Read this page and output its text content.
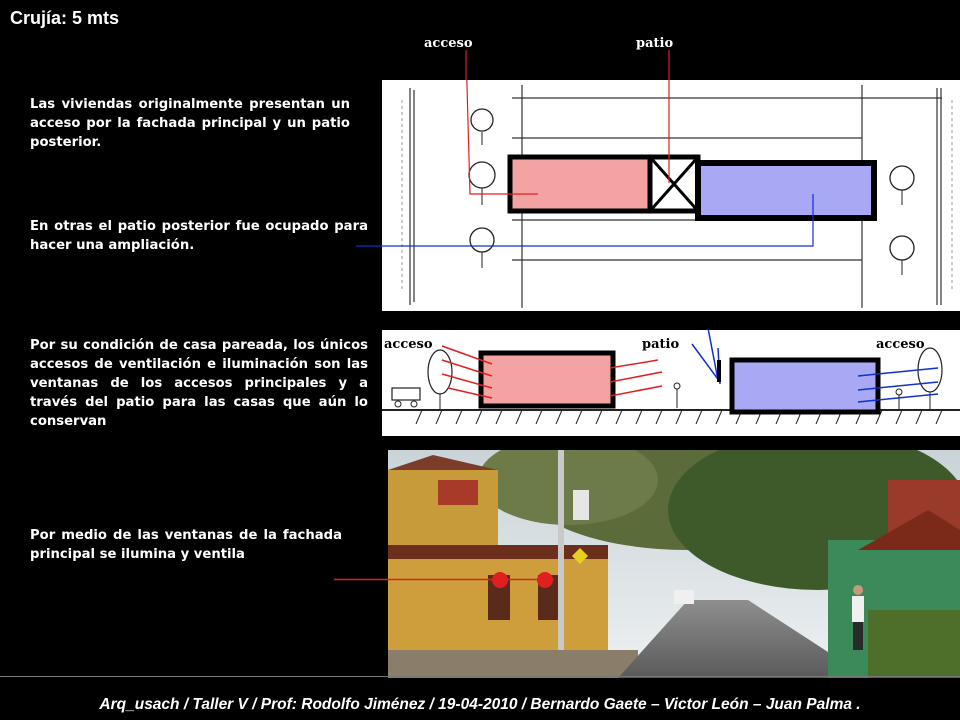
Crujía: 5 mts
acceso	patio
Las viviendas originalmente presentan un acceso por la fachada principal y un patio posterior.
En otras el patio posterior fue ocupado para hacer una ampliación.
Por su condición de casa pareada, los únicos accesos de ventilación e iluminación son las ventanas de los accesos principales y a través del patio para las casas que aún lo conservan
Por medio de las ventanas de la fachada principal se ilumina y ventila
acceso	patio	acceso
Arq_usach / Taller V / Prof: Rodolfo Jiménez / 19-04-2010 / Bernardo Gaete – Victor León – Juan Palma .
